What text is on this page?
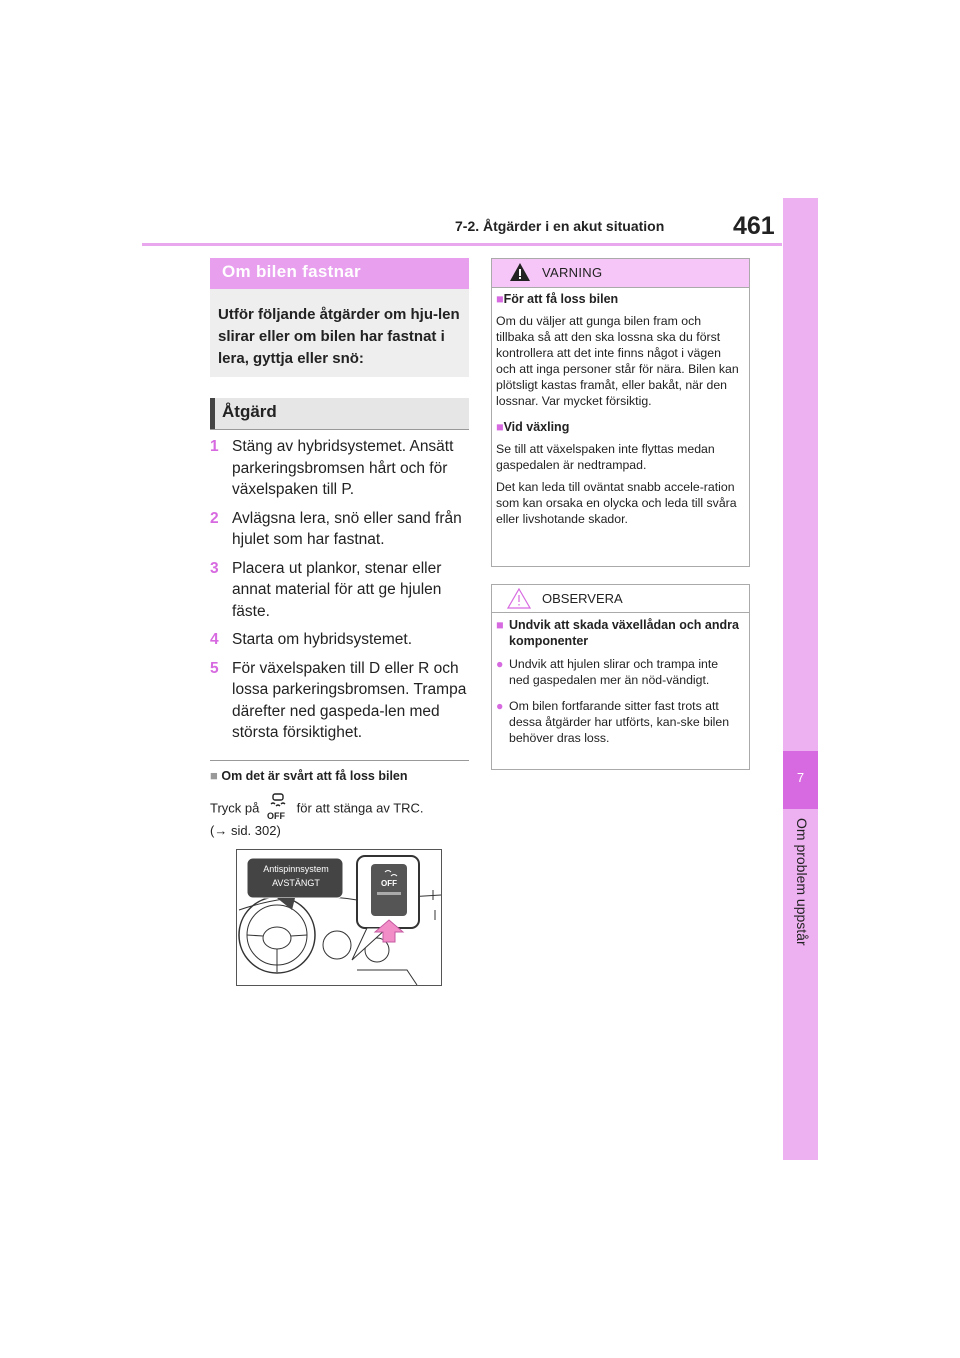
7-2. Åtgärder i en akut situation	461
7
Om problem uppstår
Om bilen fastnar
Utför följande åtgärder om hju-len slirar eller om bilen har fastnat i lera, gyttja eller snö:
Åtgärd
1 Stäng av hybridsystemet. Ansätt parkeringsbromsen hårt och för växelspaken till P.
2 Avlägsna lera, snö eller sand från hjulet som har fastnat.
3 Placera ut plankor, stenar eller annat material för att ge hjulen fäste.
4 Starta om hybridsystemet.
5 För växelspaken till D eller R och lossa parkeringsbromsen. Trampa därefter ned gaspeda-len med största försiktighet.
■ Om det är svårt att få loss bilen
Tryck på
OFF
för att stänga av TRC.
(→ sid. 302)
Antispinnsystem
AVSTÄNGT	OFF
VARNING
■För att få loss bilen
Om du väljer att gunga bilen fram och tillbaka så att den ska lossna ska du först kontrollera att det inte finns något i vägen och att inga personer står för nära. Bilen kan plötsligt kastas framåt, eller bakåt, när den lossnar. Var mycket försiktig.
■Vid växling
Se till att växelspaken inte flyttas medan gaspedalen är nedtrampad.
Det kan leda till oväntat snabb accele-ration som kan orsaka en olycka och leda till svåra eller livshotande skador.
OBSERVERA
■ Undvik att skada växellådan och andra komponenter
● Undvik att hjulen slirar och trampa inte ned gaspedalen mer än nöd-vändigt.
● Om bilen fortfarande sitter fast trots att dessa åtgärder har utförts, kan-ske bilen behöver dras loss.
